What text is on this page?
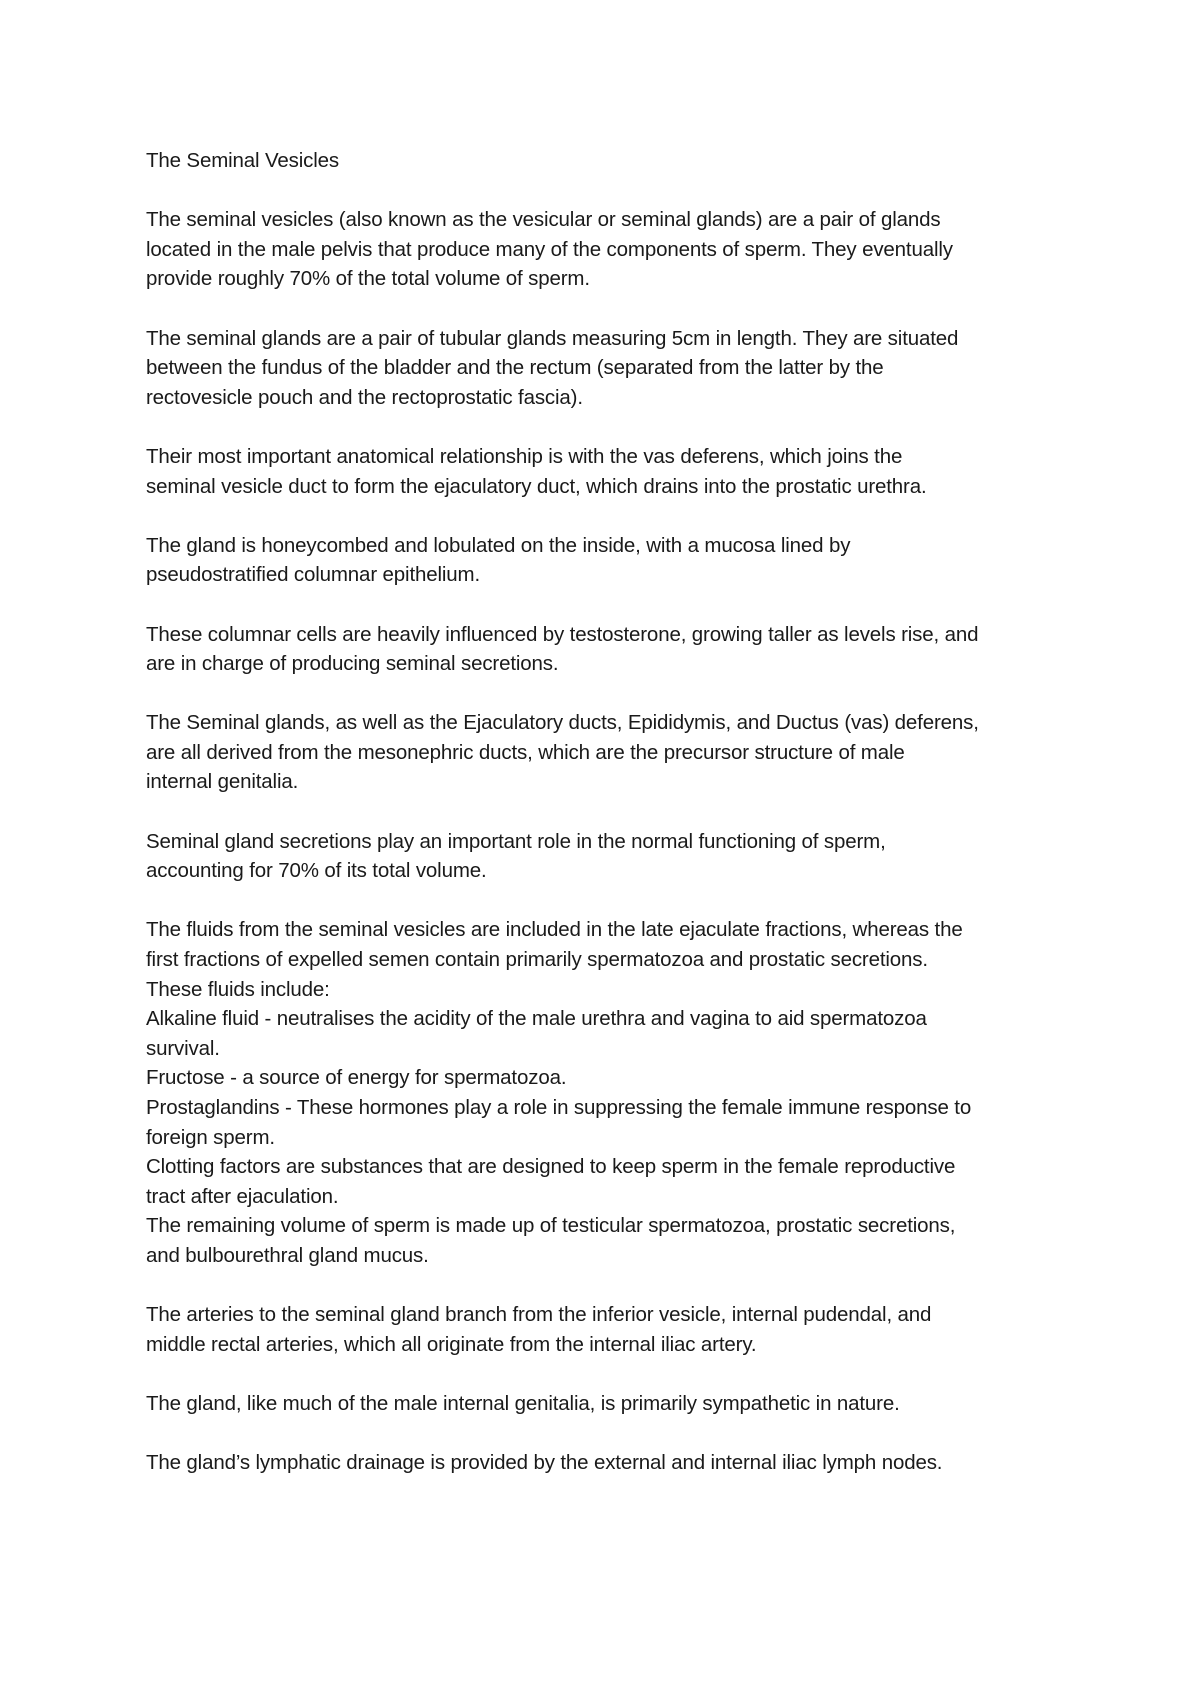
The Seminal Vesicles

The seminal vesicles (also known as the vesicular or seminal glands) are a pair of glands

located in the male pelvis that produce many of the components of sperm. They eventually

provide roughly 70% of the total volume of sperm.

The seminal glands are a pair of tubular glands measuring 5cm in length. They are situated

between the fundus of the bladder and the rectum (separated from the latter by the

rectovesicle pouch and the rectoprostatic fascia).

Their most important anatomical relationship is with the vas deferens, which joins the

seminal vesicle duct to form the ejaculatory duct, which drains into the prostatic urethra.

The gland is honeycombed and lobulated on the inside, with a mucosa lined by

pseudostratified columnar epithelium.

These columnar cells are heavily influenced by testosterone, growing taller as levels rise, and

are in charge of producing seminal secretions.

The Seminal glands, as well as the Ejaculatory ducts, Epididymis, and Ductus (vas) deferens,

are all derived from the mesonephric ducts, which are the precursor structure of male

internal genitalia.

Seminal gland secretions play an important role in the normal functioning of sperm,

accounting for 70% of its total volume.

The fluids from the seminal vesicles are included in the late ejaculate fractions, whereas the

first fractions of expelled semen contain primarily spermatozoa and prostatic secretions.

These fluids include:

Alkaline fluid - neutralises the acidity of the male urethra and vagina to aid spermatozoa

survival.

Fructose - a source of energy for spermatozoa.

Prostaglandins - These hormones play a role in suppressing the female immune response to

foreign sperm.

Clotting factors are substances that are designed to keep sperm in the female reproductive

tract after ejaculation.

The remaining volume of sperm is made up of testicular spermatozoa, prostatic secretions,

and bulbourethral gland mucus.

The arteries to the seminal gland branch from the inferior vesicle, internal pudendal, and

middle rectal arteries, which all originate from the internal iliac artery.

The gland, like much of the male internal genitalia, is primarily sympathetic in nature.

The gland’s lymphatic drainage is provided by the external and internal iliac lymph nodes.
